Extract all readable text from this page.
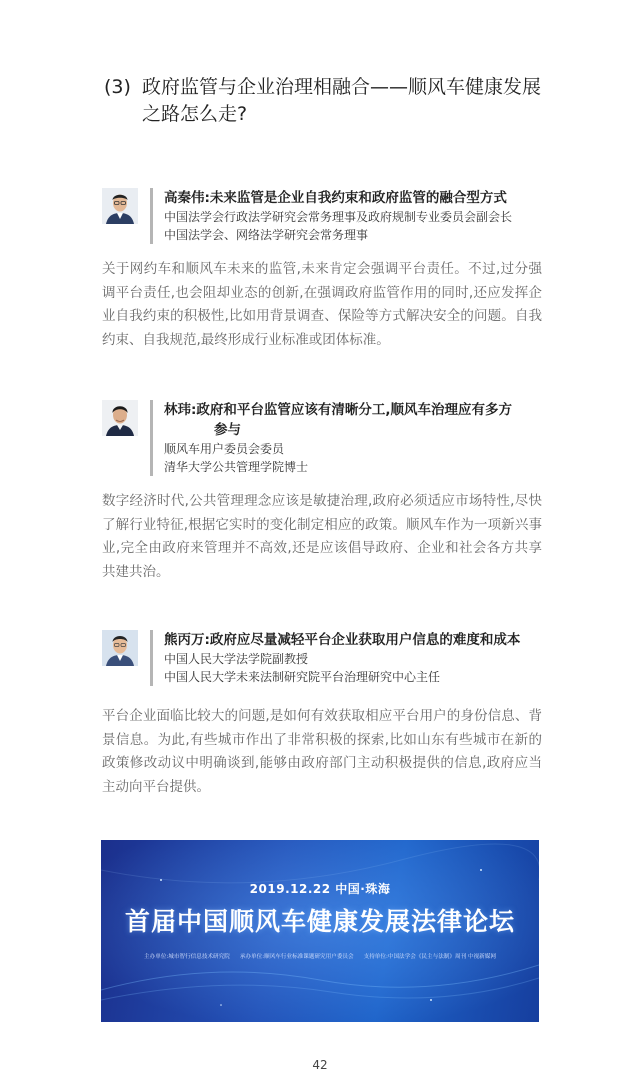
(3) 政府监管与企业治理相融合——顺风车健康发展
之路怎么走?
高秦伟:未来监管是企业自我约束和政府监管的融合型方式
中国法学会行政法学研究会常务理事及政府规制专业委员会副会长
中国法学会、网络法学研究会常务理事
关于网约车和顺风车未来的监管,未来肯定会强调平台责任。不过,过分强调平台责任,也会阻却业态的创新,在强调政府监管作用的同时,还应发挥企业自我约束的积极性,比如用背景调查、保险等方式解决安全的问题。自我约束、自我规范,最终形成行业标准或团体标准。
林玮:政府和平台监管应该有清晰分工,顺风车治理应有多方
参与
顺风车用户委员会委员
清华大学公共管理学院博士
数字经济时代,公共管理理念应该是敏捷治理,政府必须适应市场特性,尽快了解行业特征,根据它实时的变化制定相应的政策。顺风车作为一项新兴事业,完全由政府来管理并不高效,还是应该倡导政府、企业和社会各方共享共建共治。
熊丙万:政府应尽量减轻平台企业获取用户信息的难度和成本
中国人民大学法学院副教授
中国人民大学未来法制研究院平台治理研究中心主任
平台企业面临比较大的问题,是如何有效获取相应平台用户的身份信息、背景信息。为此,有些城市作出了非常积极的探索,比如山东有些城市在新的政策修改动议中明确谈到,能够由政府部门主动积极提供的信息,政府应当主动向平台提供。
2019.12.22 中国·珠海
首届中国顺风车健康发展法律论坛
主办单位:城市智行信息技术研究院 承办单位:顺风车行业标准课题研究用户委员会 支持单位:中国法学会《民主与法制》周刊 中视新媒网
42
